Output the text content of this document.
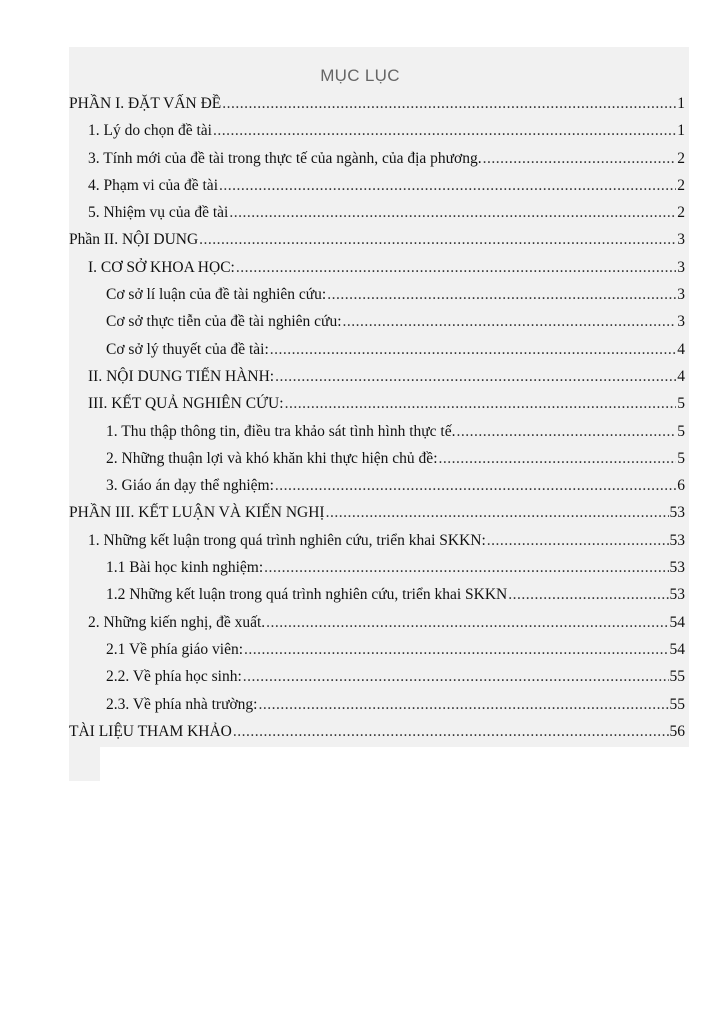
MỤC LỤC
PHẦN I. ĐẶT VẤN ĐỀ .....	1
1. Lý do chọn đề tài .....	1
3. Tính mới của đề tài trong thực tế của ngành, của địa phương. .....	2
4. Phạm vi của đề tài .....	2
5. Nhiệm vụ của đề tài .....	2
Phần II. NỘI DUNG .....	3
I. CƠ SỞ KHOA HỌC: .....	3
Cơ sở lí luận của đề tài nghiên cứu: .....	3
Cơ sở thực tiễn của đề tài nghiên cứu: .....	3
Cơ sở lý thuyết của đề tài: .....	4
II. NỘI DUNG TIẾN HÀNH: .....	4
III. KẾT QUẢ NGHIÊN CỨU: .....	5
1. Thu thập thông tin, điều tra khảo sát tình hình thực tế. .....	5
2. Những thuận lợi và khó khăn khi thực hiện chủ đề: .....	5
3. Giáo án dạy thể nghiệm: .....	6
PHẦN III. KẾT LUẬN VÀ KIẾN NGHỊ .....	53
1. Những kết luận trong quá trình nghiên cứu, triển khai SKKN: .....	53
1.1 Bài học kinh nghiệm: .....	53
1.2 Những kết luận trong quá trình nghiên cứu, triển khai SKKN .....	53
2. Những kiến nghị, đề xuất. .....	54
2.1 Về phía giáo viên: .....	54
2.2. Về phía học sinh: .....	55
2.3. Về phía nhà trường: .....	55
TÀI LIỆU THAM KHẢO .....	56
